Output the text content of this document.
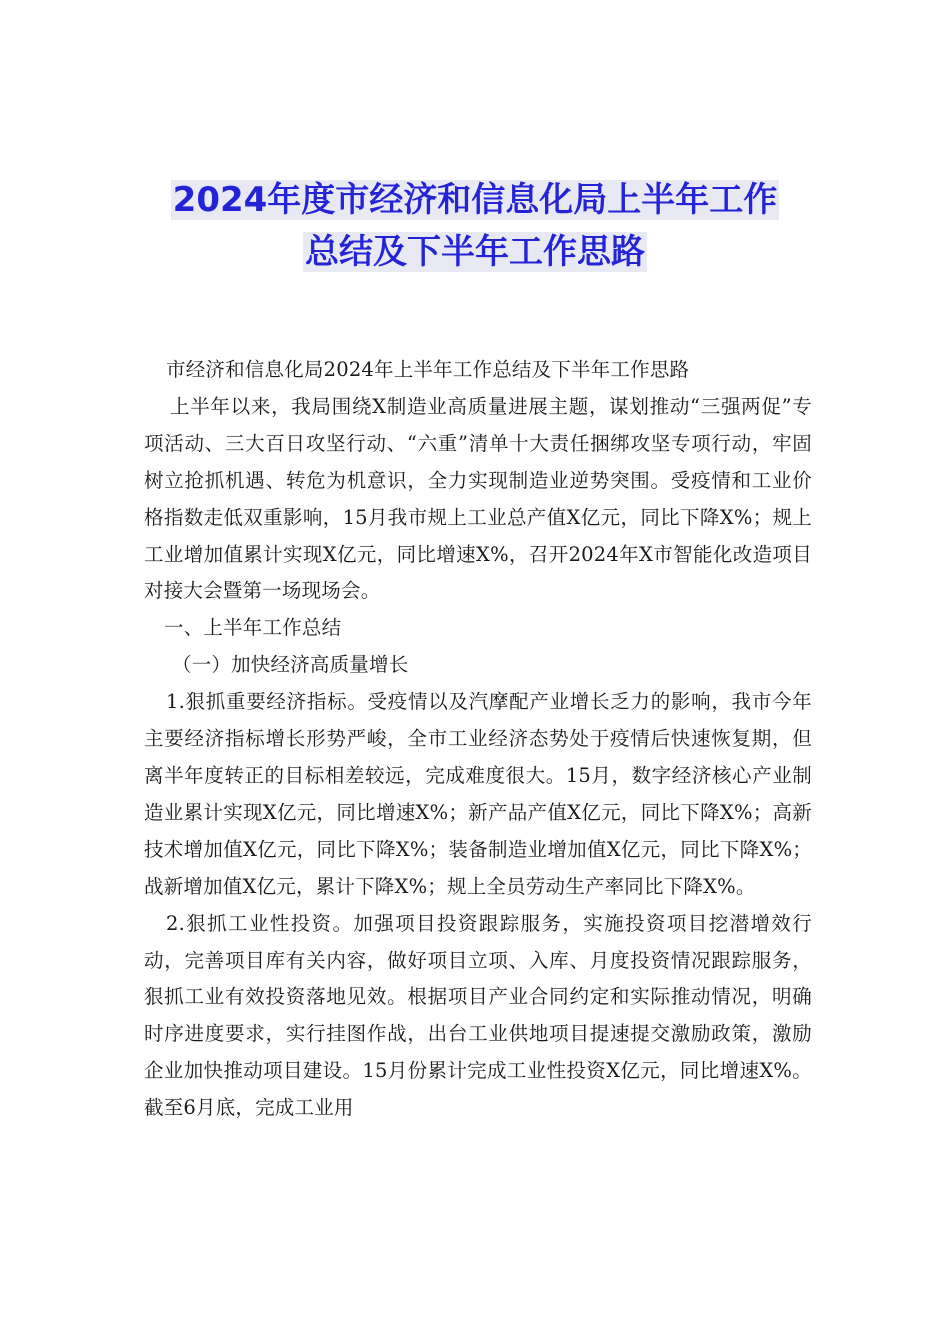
2024年度市经济和信息化局上半年工作
总结及下半年工作思路

市经济和信息化局2024年上半年工作总结及下半年工作思路

上半年以来，我局围绕X制造业高质量进展主题，谋划推动“三强两促”专项活动、三大百日攻坚行动、“六重”清单十大责任捆绑攻坚专项行动，牢固树立抢抓机遇、转危为机意识，全力实现制造业逆势突围。受疫情和工业价格指数走低双重影响，15月我市规上工业总产值X亿元，同比下降X%；规上工业增加值累计实现X亿元，同比增速X%，召开2024年X市智能化改造项目对接大会暨第一场现场会。

一、上半年工作总结

（一）加快经济高质量增长

1.狠抓重要经济指标。受疫情以及汽摩配产业增长乏力的影响，我市今年主要经济指标增长形势严峻，全市工业经济态势处于疫情后快速恢复期，但离半年度转正的目标相差较远，完成难度很大。15月，数字经济核心产业制造业累计实现X亿元，同比增速X%；新产品产值X亿元，同比下降X%；高新技术增加值X亿元，同比下降X%；装备制造业增加值X亿元，同比下降X%；战新增加值X亿元，累计下降X%；规上全员劳动生产率同比下降X%。

2.狠抓工业性投资。加强项目投资跟踪服务，实施投资项目挖潜增效行动，完善项目库有关内容，做好项目立项、入库、月度投资情况跟踪服务，狠抓工业有效投资落地见效。根据项目产业合同约定和实际推动情况，明确时序进度要求，实行挂图作战，出台工业供地项目提速提交激励政策，激励企业加快推动项目建设。15月份累计完成工业性投资X亿元，同比增速X%。截至6月底，完成工业用
